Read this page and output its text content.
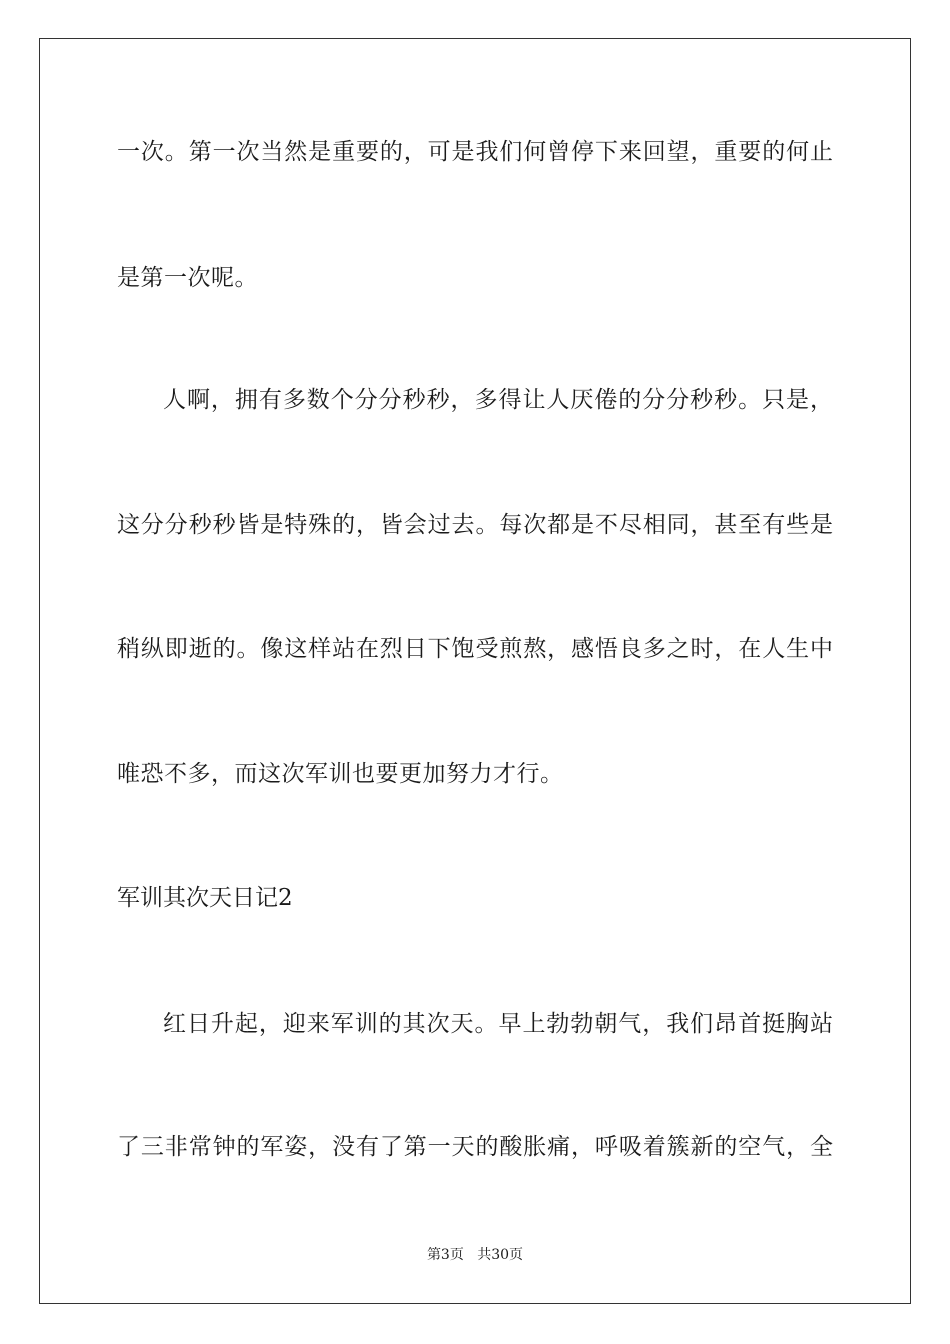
一次。第一次当然是重要的，可是我们何曾停下来回望，重要的何止
是第一次呢。
人啊，拥有多数个分分秒秒，多得让人厌倦的分分秒秒。只是，
这分分秒秒皆是特殊的，皆会过去。每次都是不尽相同，甚至有些是
稍纵即逝的。像这样站在烈日下饱受煎熬，感悟良多之时，在人生中
唯恐不多，而这次军训也要更加努力才行。
军训其次天日记2
红日升起，迎来军训的其次天。早上勃勃朝气，我们昂首挺胸站
了三非常钟的军姿，没有了第一天的酸胀痛，呼吸着簇新的空气，全
第3页 共30页
